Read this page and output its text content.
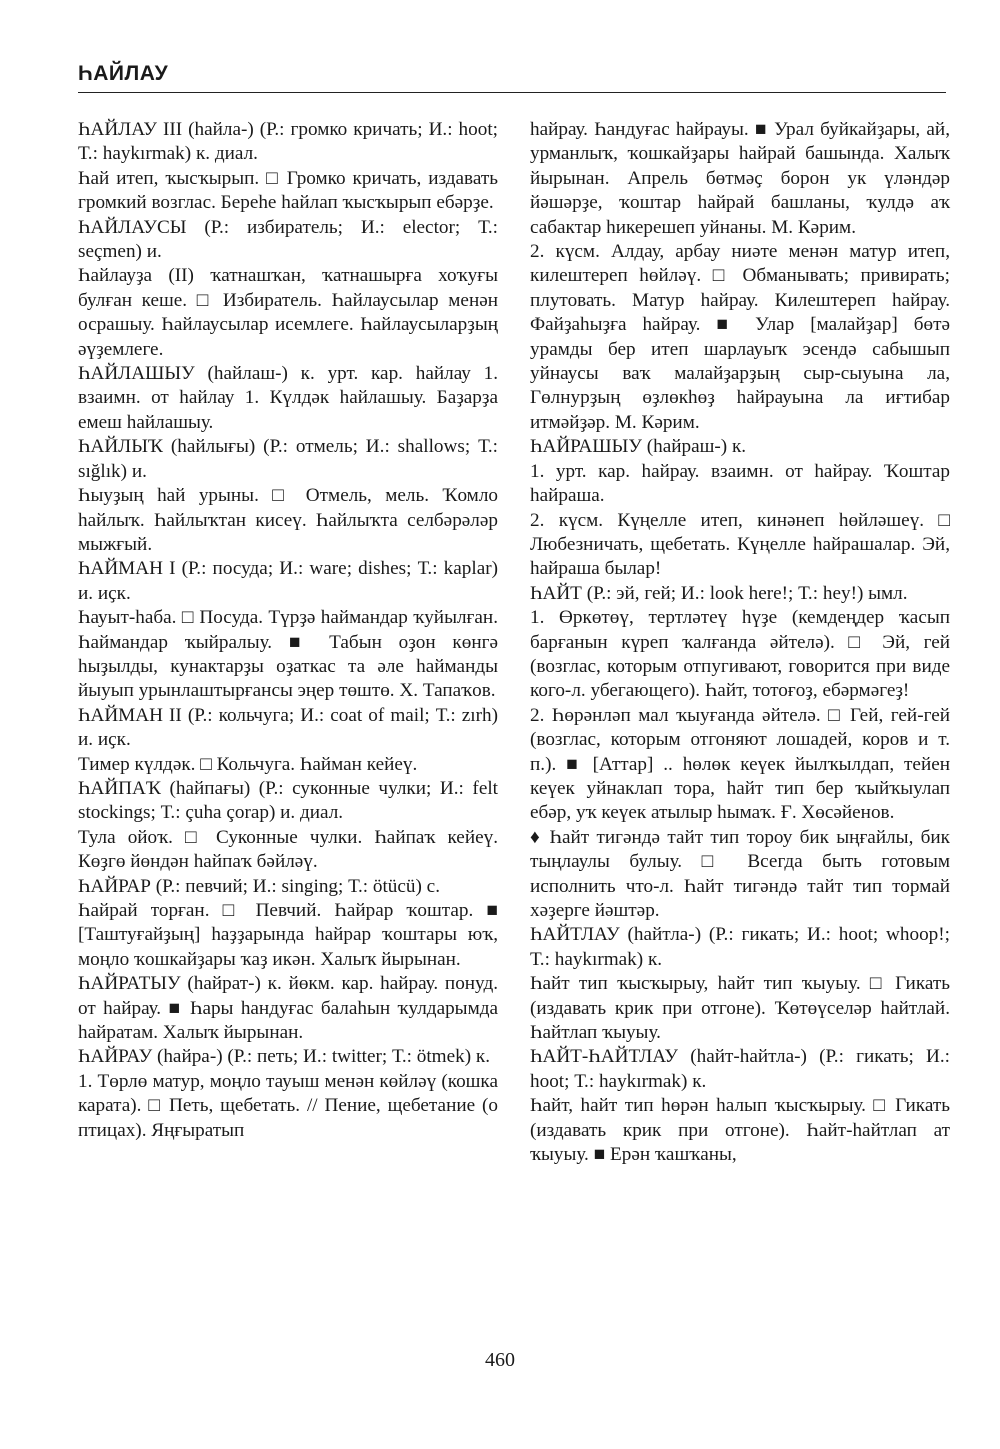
ҺАЙЛАУ

ҺАЙЛАУ III (һайла-) (Р.: громко кричать; И.: hoot; Т.: haykırmak) к. диал.

Һай итеп, ҡысҡырып. □ Громко кричать, издавать громкий возглас. Береһе һайлап ҡысҡырып ебәрҙе.

ҺАЙЛАУСЫ (Р.: избиратель; И.: elector; Т.: seçmen) и.

Һайлауҙа (II) ҡатнашҡан, ҡатнашырға хоҡуғы булған кеше. □ Избиратель. Һайлаусылар менән осрашыу. Һайлаусылар исемлеге. Һайлаусыларҙың әүҙемлеге.

ҺАЙЛАШЫУ (һайлаш-) к. урт. кар. һайлау 1. взаимн. от һайлау 1. Күлдәк һайлашыу. Баҙарҙа емеш һайлашыу.

ҺАЙЛЫҠ (һайлығы) (Р.: отмель; И.: shallows; Т.: sığlık) и.

Һыуҙың һай урыны. □ Отмель, мель. Ҡомло һайлыҡ. Һайлыҡтан кисеү. Һайлыҡта селбәрәләр мыжғый.

ҺАЙМАН I (Р.: посуда; И.: ware; dishes; Т.: kaplar) и. иҫк.

Һауыт-һаба. □ Посуда. Түрҙә һаймандар ҡуйылған. Һаймандар ҡыйралыу. ■ Табын оҙон көнгә һыҙылды, кунактарҙы оҙаткас та әле һайманды йыуып урынлаштырғансы эңер төштө. Х. Тапаҡов.

ҺАЙМАН II (Р.: кольчуга; И.: coat of mail; Т.: zırh) и. иҫк.

Тимер күлдәк. □ Кольчуга. Һайман кейеү.

ҺАЙПАҠ (һайпағы) (Р.: суконные чулки; И.: felt stockings; Т.: çuha çorap) и. диал.

Тула ойоҡ. □ Суконные чулки. Һайпаҡ кейеү. Көҙгө йөндән һайпаҡ бәйләү.

ҺАЙРАР (Р.: певчий; И.: singing; Т.: ötücü) с.

Һайрай торған. □ Певчий. Һайрар ҡоштар. ■ [Таштуғайҙың] һаҙҙарында һайрар ҡоштары юҡ, моңло ҡошкайҙары ҡаҙ икән. Халыҡ йырынан.

ҺАЙРАТЫУ (һайрат-) к. йөкм. кар. һайрау. понуд. от һайрау. ■ Һары һандуғас балаһын ҡулдарымда һайратам. Халыҡ йырынан.

ҺАЙРАУ (һайра-) (Р.: петь; И.: twitter; Т.: ötmek) к.

1. Төрлө матур, моңло тауыш менән көйләү (кошка карата). □ Петь, щебетать. // Пение, щебетание (о птицах). Яңғыратып

һайрау. Һандуғас һайрауы. ■ Урал буйкайҙары, ай, урманлыҡ, ҡошкайҙары һайрай башында. Халыҡ йырынан. Апрель бөтмәҫ борон ук үләндәр йәшәрҙе, ҡоштар һайрай башланы, ҡулдә аҡ сабактар һикерешеп уйнаны. М. Кәрим.

2. күсм. Алдау, арбау ниәте менән матур итеп, килештереп һөйләү. □ Обманывать; привирать; плутовать. Матур һайрау. Килештереп һайрау. Файҙаһыҙға һайрау. ■ Улар [малайҙар] бөтә урамды бер итеп шарлауыҡ эсендә сабышып уйнаусы ваҡ малайҙарҙың сыр-сыуына ла, Гөлнурҙың өҙлөкһөҙ һайрауына ла иғтибар итмәйҙәр. М. Кәрим.

ҺАЙРАШЫУ (һайраш-) к.

1. урт. кар. һайрау. взаимн. от һайрау. Ҡоштар һайраша.

2. күсм. Күңелле итеп, кинәнеп һөйләшеү. □ Любезничать, щебетать. Күңелле һайрашалар. Эй, һайраша былар!

ҺАЙТ (Р.: эй, гей; И.: look here!; Т.: hey!) ымл.

1. Өркөтөү, тертләтеү һүҙе (кемдеңдер ҡасып барғанын күреп ҡалғанда әйтелә). □ Эй, гей (возглас, которым отпугивают, говорится при виде кого-л. убегающего). Һайт, тотоғоҙ, ебәрмәгеҙ!

2. Һөрәнләп мал ҡыуғанда әйтелә. □ Гей, гей-гей (возглас, которым отгоняют лошадей, коров и т. п.). ■ [Аттар] .. һөлөк кеүек йылҡылдап, тейен кеүек уйнаклап тора, һайт тип бер ҡыйҡыулап ебәр, уҡ кеүек атылыр һымаҡ. Ғ. Хөсәйенов.

♦ Һайт тигәндә тайт тип тороу бик ыңғайлы, бик тыңлаулы булыу. □ Всегда быть готовым исполнить что-л. Һайт тигәндә тайт тип тормай хәҙерге йәштәр.

ҺАЙТЛАУ (һайтла-) (Р.: гикать; И.: hoot; whoop!; Т.: haykırmak) к.

Һайт тип ҡысҡырыу, һайт тип ҡыуыу. □ Гикать (издавать крик при отгоне). Ҡөтөүселәр һайтлай. Һайтлап ҡыуыу.

ҺАЙТ-ҺАЙТЛАУ (һайт-һайтла-) (Р.: гикать; И.: hoot; Т.: haykırmak) к.

Һайт, һайт тип һөрән һалып ҡысҡырыу. □ Гикать (издавать крик при отгоне). Һайт-һайтлап ат ҡыуыу. ■ Ерән ҡашҡаны,

460
